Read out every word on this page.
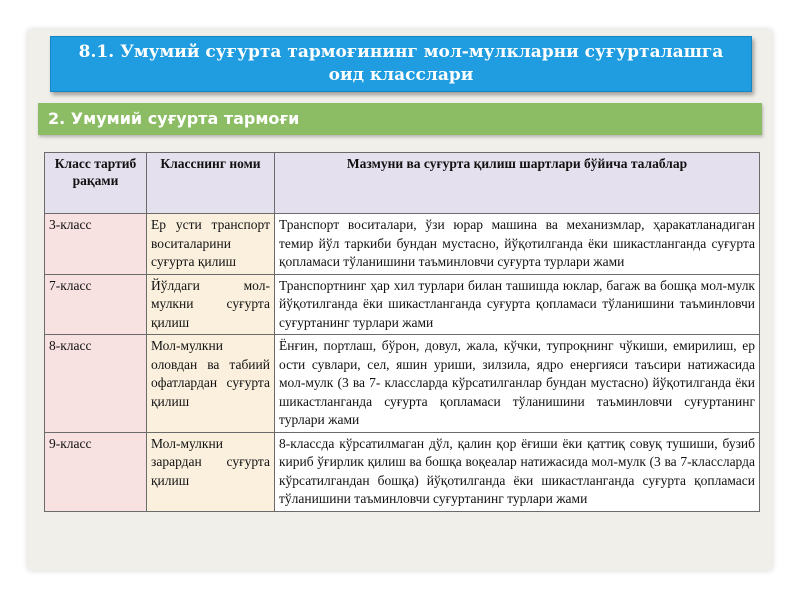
8.1. Умумий суғурта тармоғининг мол-мулкларни суғурталашга оид класслари
2. Умумий суғурта тармоғи
Класс тартиб рақами	Класснинг номи	Мазмуни ва суғурта қилиш шартлари бўйича талаблар
3-класс	Ер усти транспорт воситаларини суғурта қилиш	Транспорт воситалари, ўзи юрар машина ва механизмлар, ҳаракатланадиган темир йўл таркиби бундан мустасно, йўқотилганда ёки шикастланганда суғурта қопламаси тўланишини таъминловчи суғурта турлари жами
7-класс	Йўлдаги мол-мулкни суғурта қилиш	Транспортнинг ҳар хил турлари билан ташишда юклар, багаж ва бошқа мол-мулк йўқотилганда ёки шикастланганда суғурта қопламаси тўланишини таъминловчи суғуртанинг турлари жами
8-класс	Мол-мулкни оловдан ва табиий офатлардан суғурта қилиш	Ёнғин, портлаш, бўрон, довул, жала, кўчки, тупроқнинг чўкиши, емирилиш, ер ости сувлари, сел, яшин уриши, зилзила, ядро енергияси таъсири натижасида мол-мулк (3 ва 7- классларда кўрсатилганлар бундан мустасно) йўқотилганда ёки шикастланганда суғурта қопламаси тўланишини таъминловчи суғуртанинг турлари жами
9-класс	Мол-мулкни зарардан суғурта қилиш	8-классда кўрсатилмаган дўл, қалин қор ёғиши ёки қаттиқ совуқ тушиши, бузиб кириб ўғирлик қилиш ва бошқа воқеалар натижасида мол-мулк (3 ва 7-классларда кўрсатилгандан бошқа) йўқотилганда ёки шикастланганда суғурта қопламаси тўланишини таъминловчи суғуртанинг турлари жами
